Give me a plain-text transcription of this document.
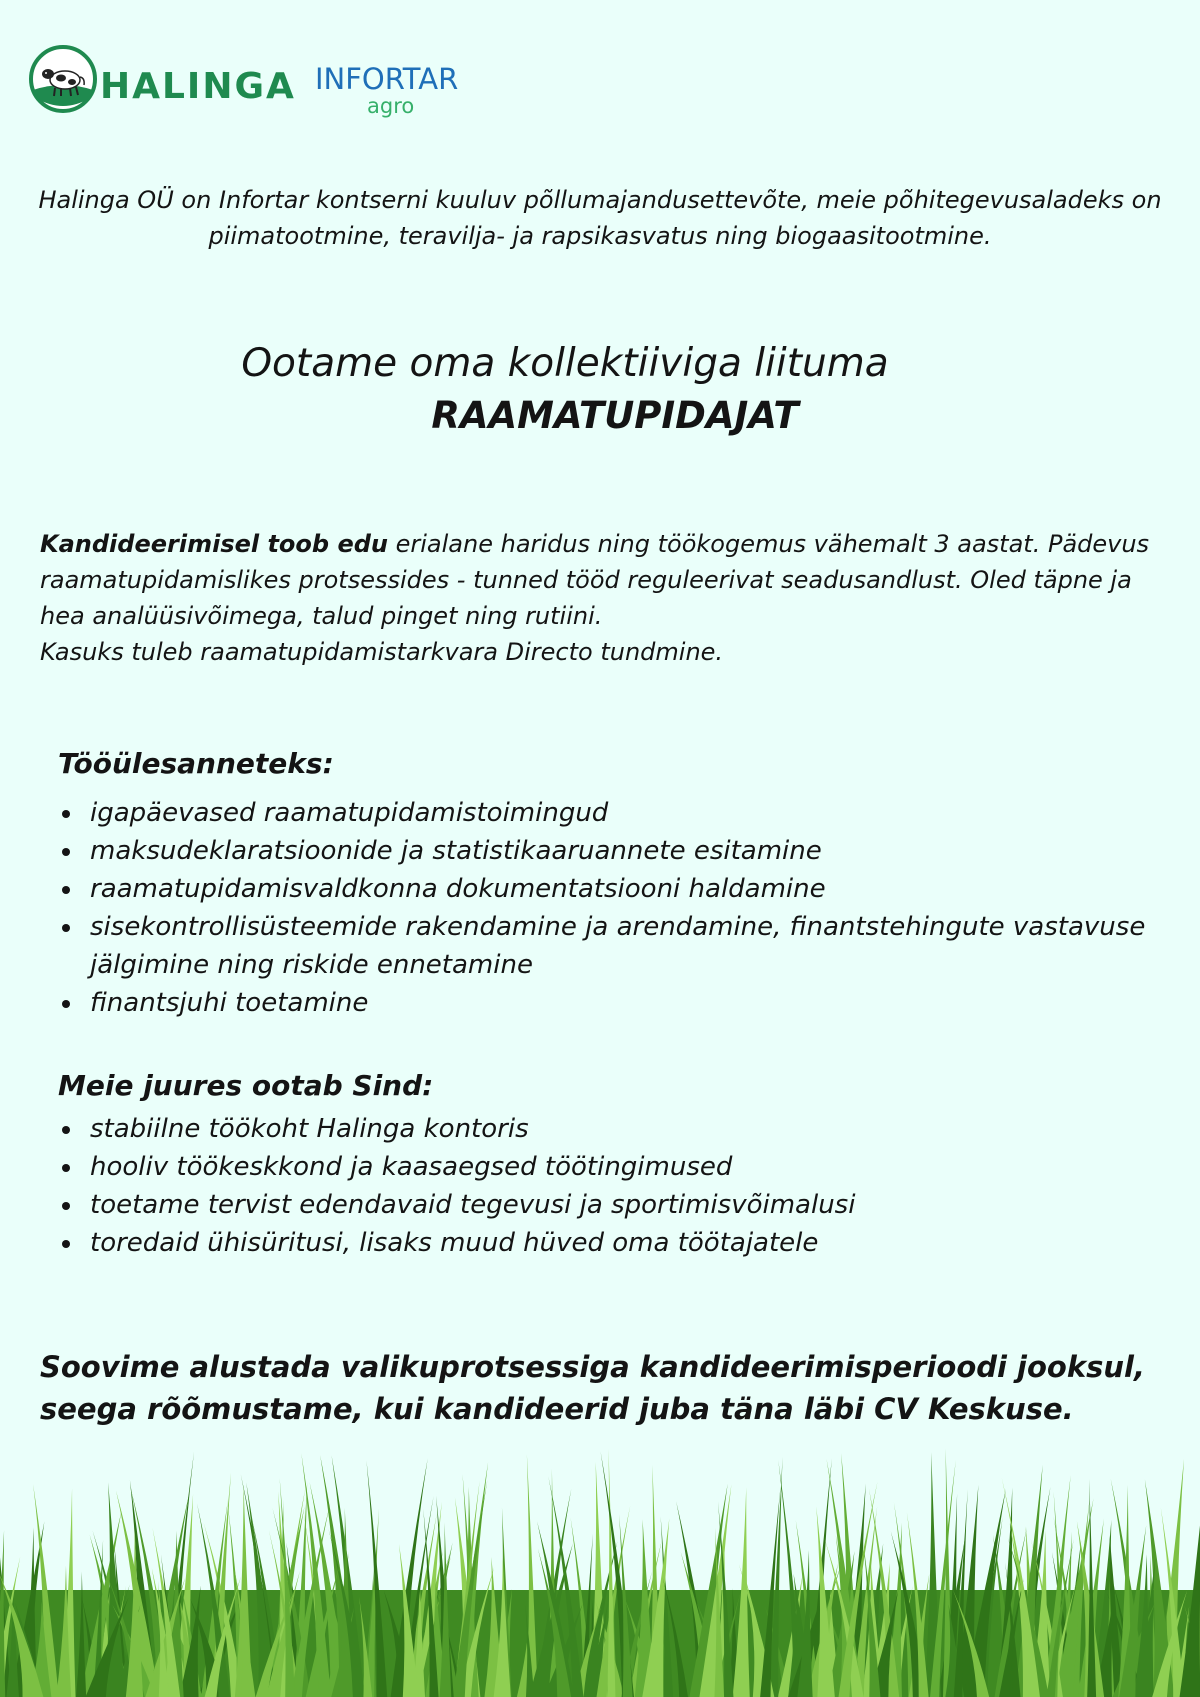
HALINGA INFORTAR
agro
Halinga OÜ on Infortar kontserni kuuluv põllumajandusettevõte, meie põhitegevusaladeks on piimatootmine, teravilja- ja rapsikasvatus ning biogaasitootmine.
Ootame oma kollektiiviga liituma
RAAMATUPIDAJAT
Kandideerimisel toob edu erialane haridus ning töökogemus vähemalt 3 aastat. Pädevus raamatupidamislikes protsessides - tunned tööd reguleerivat seadusandlust. Oled täpne ja hea analüüsivõimega, talud pinget ning rutiini.
Kasuks tuleb raamatupidamistarkvara Directo tundmine.
Tööülesanneteks:
igapäevased raamatupidamistoimingud
maksudeklaratsioonide ja statistikaaruannete esitamine
raamatupidamisvaldkonna dokumentatsiooni haldamine
sisekontrollisüsteemide rakendamine ja arendamine, finantstehingute vastavuse jälgimine ning riskide ennetamine
finantsjuhi toetamine
Meie juures ootab Sind:
stabiilne töökoht Halinga kontoris
hooliv töökeskkond ja kaasaegsed töötingimused
toetame tervist edendavaid tegevusi ja sportimisvõimalusi
toredaid ühisüritusi, lisaks muud hüved oma töötajatele
Soovime alustada valikuprotsessiga kandideerimisperioodi jooksul, seega rõõmustame, kui kandideerid juba täna läbi CV Keskuse.
